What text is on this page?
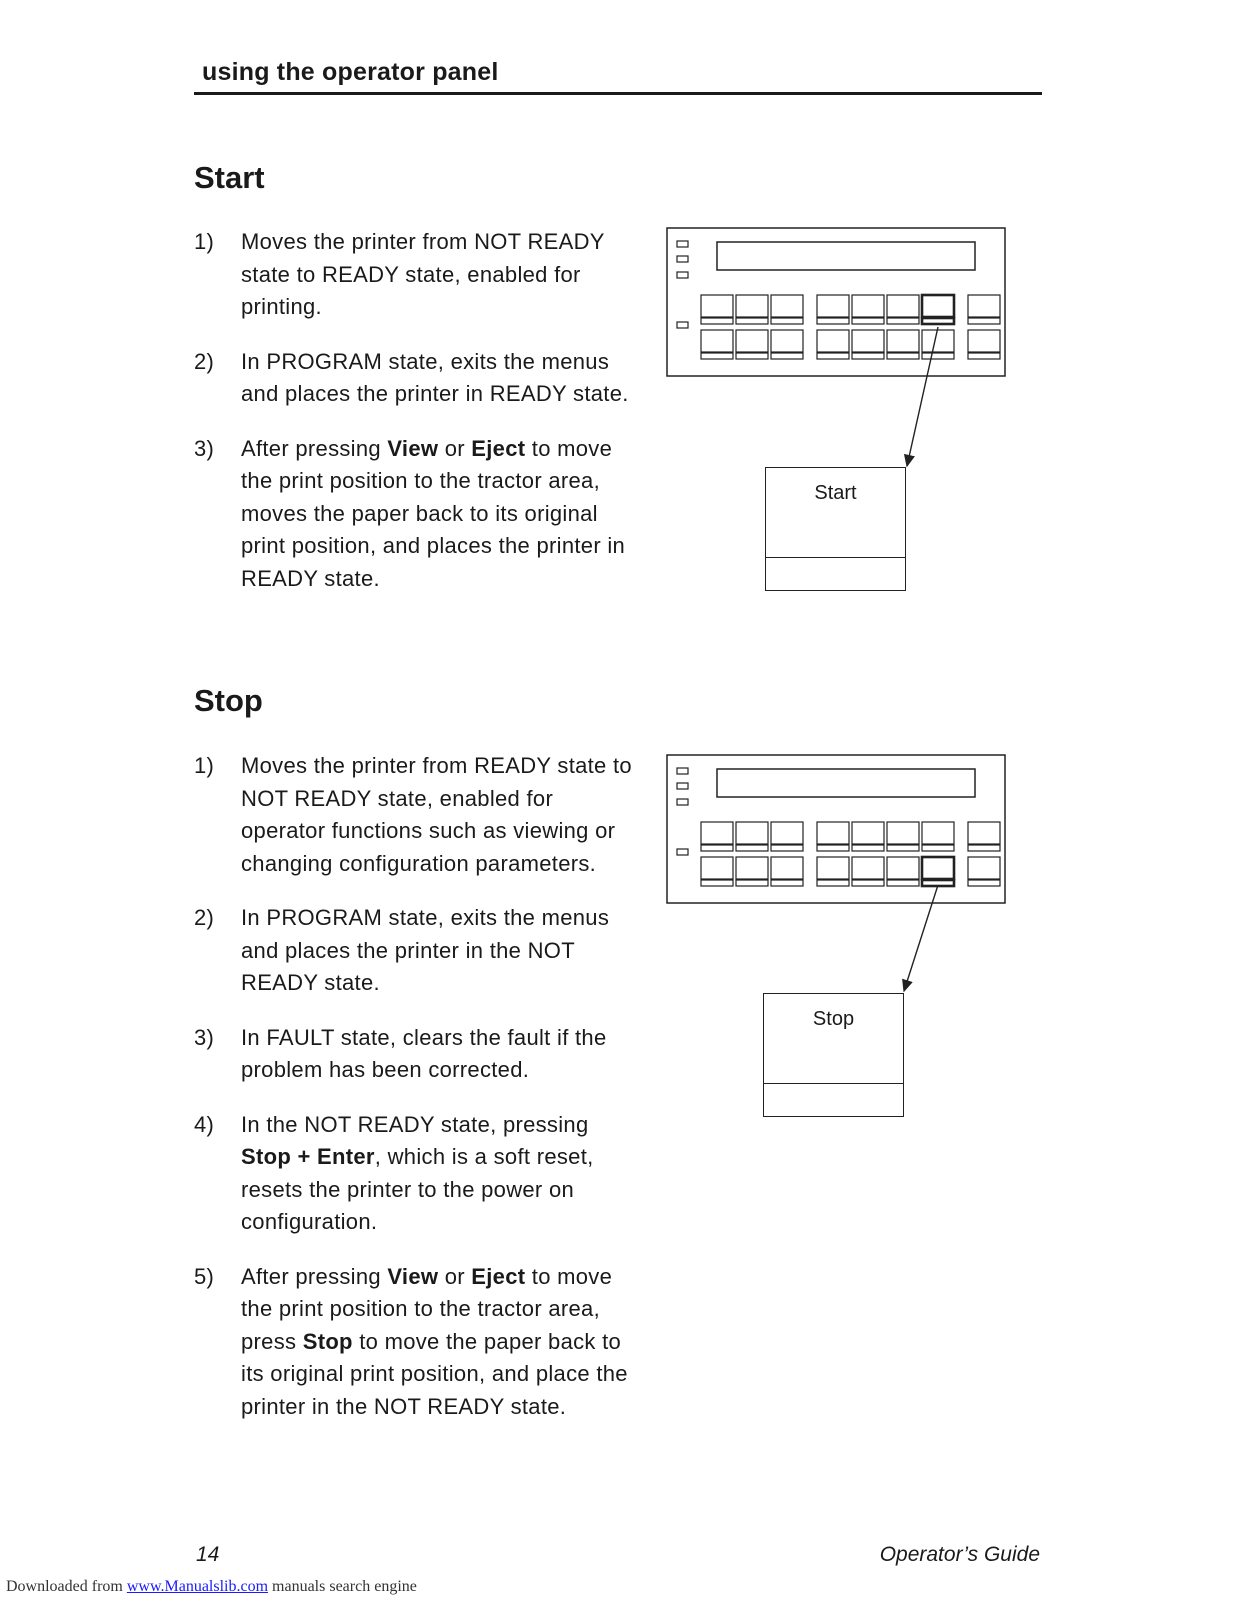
using the operator panel
Start
1) Moves the printer from NOT READY state to READY state, enabled for printing.
2) In PROGRAM state, exits the menus and places the printer in READY state.
3) After pressing View or Eject to move the print position to the tractor area, moves the paper back to its original print position, and places the printer in READY state.
Start
Stop
1) Moves the printer from READY state to NOT READY state, enabled for operator functions such as viewing or changing configuration parameters.
2) In PROGRAM state, exits the menus and places the printer in the NOT READY state.
3) In FAULT state, clears the fault if the problem has been corrected.
4) In the NOT READY state, pressing Stop + Enter, which is a soft reset, resets the printer to the power on configuration.
5) After pressing View or Eject to move the print position to the tractor area, press Stop to move the paper back to its original print position, and place the printer in the NOT READY state.
Stop
14	Operator’s Guide
Downloaded from www.Manualslib.com manuals search engine
